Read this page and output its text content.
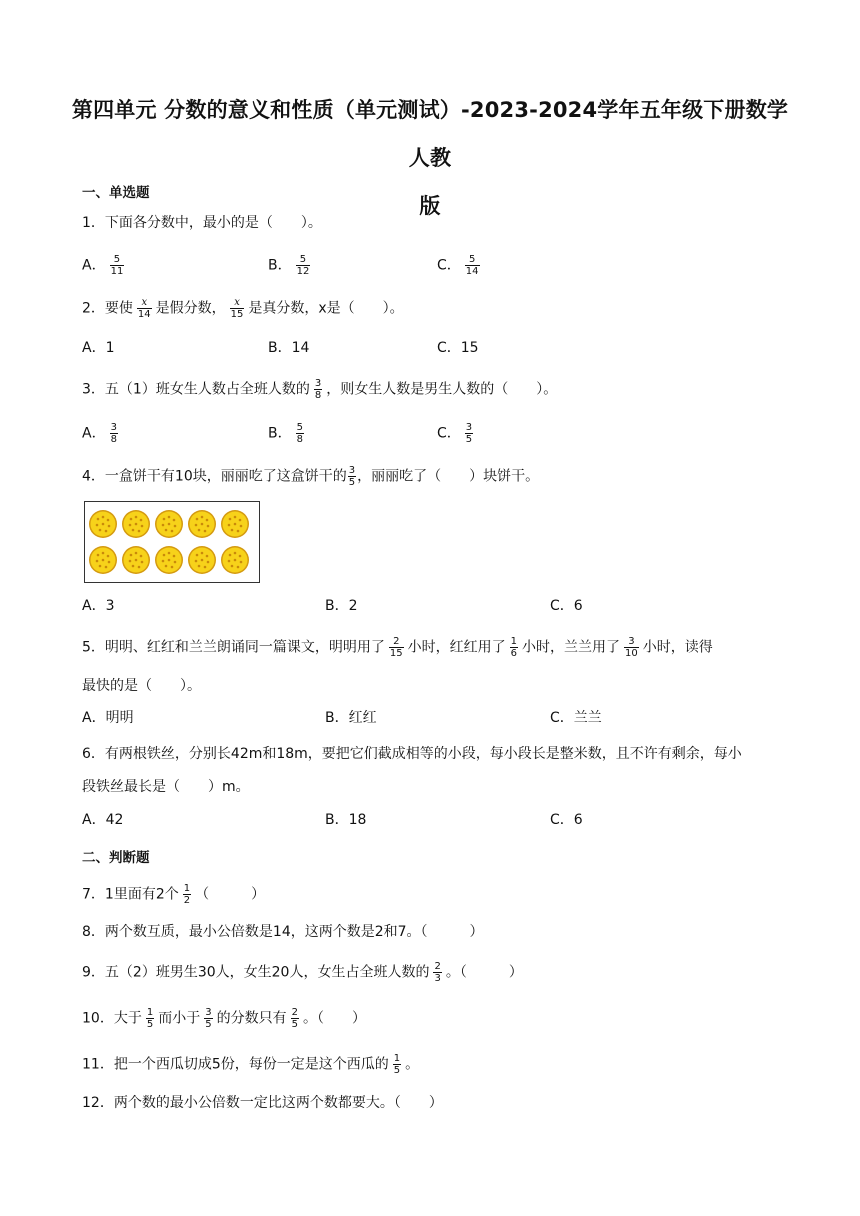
第四单元 分数的意义和性质（单元测试）-2023-2024学年五年级下册数学人教
版
一、单选题
1．下面各分数中，最小的是（　　）。
A． $\frac{5}{11}$	B． $\frac{5}{12}$	C． $\frac{5}{14}$
2．要使 $\frac{x}{14}$ 是假分数， $\frac{x}{15}$ 是真分数，x是（　　）。
A．1	B．14	C．15
3．五（1）班女生人数占全班人数的 $\frac{3}{8}$ ，则女生人数是男生人数的（　　）。
A． $\frac{3}{8}$	B． $\frac{5}{8}$	C． $\frac{3}{5}$
4．一盒饼干有10块，丽丽吃了这盒饼干的 $\frac{3}{5}$ ，丽丽吃了（　　）块饼干。
A．3	B．2	C．6
5．明明、红红和兰兰朗诵同一篇课文，明明用了 $\frac{2}{15}$ 小时，红红用了 $\frac{1}{6}$ 小时，兰兰用了 $\frac{3}{10}$ 小时，读得
最快的是（　　）。
A．明明	B．红红	C．兰兰
6．有两根铁丝，分别长42m和18m，要把它们截成相等的小段，每小段长是整米数，且不许有剩余，每小
段铁丝最长是（　　）m。
A．42	B．18	C．6
二、判断题
7．1里面有2个 $\frac{1}{2}$ （　　　）
8．两个数互质，最小公倍数是14，这两个数是2和7。（　　　）
9．五（2）班男生30人，女生20人，女生占全班人数的 $\frac{2}{3}$ 。（　　　）
10．大于 $\frac{1}{5}$ 而小于 $\frac{3}{5}$ 的分数只有 $\frac{2}{5}$ 。（　　）
11．把一个西瓜切成5份，每份一定是这个西瓜的 $\frac{1}{5}$ 。
12．两个数的最小公倍数一定比这两个数都要大。（　　）
